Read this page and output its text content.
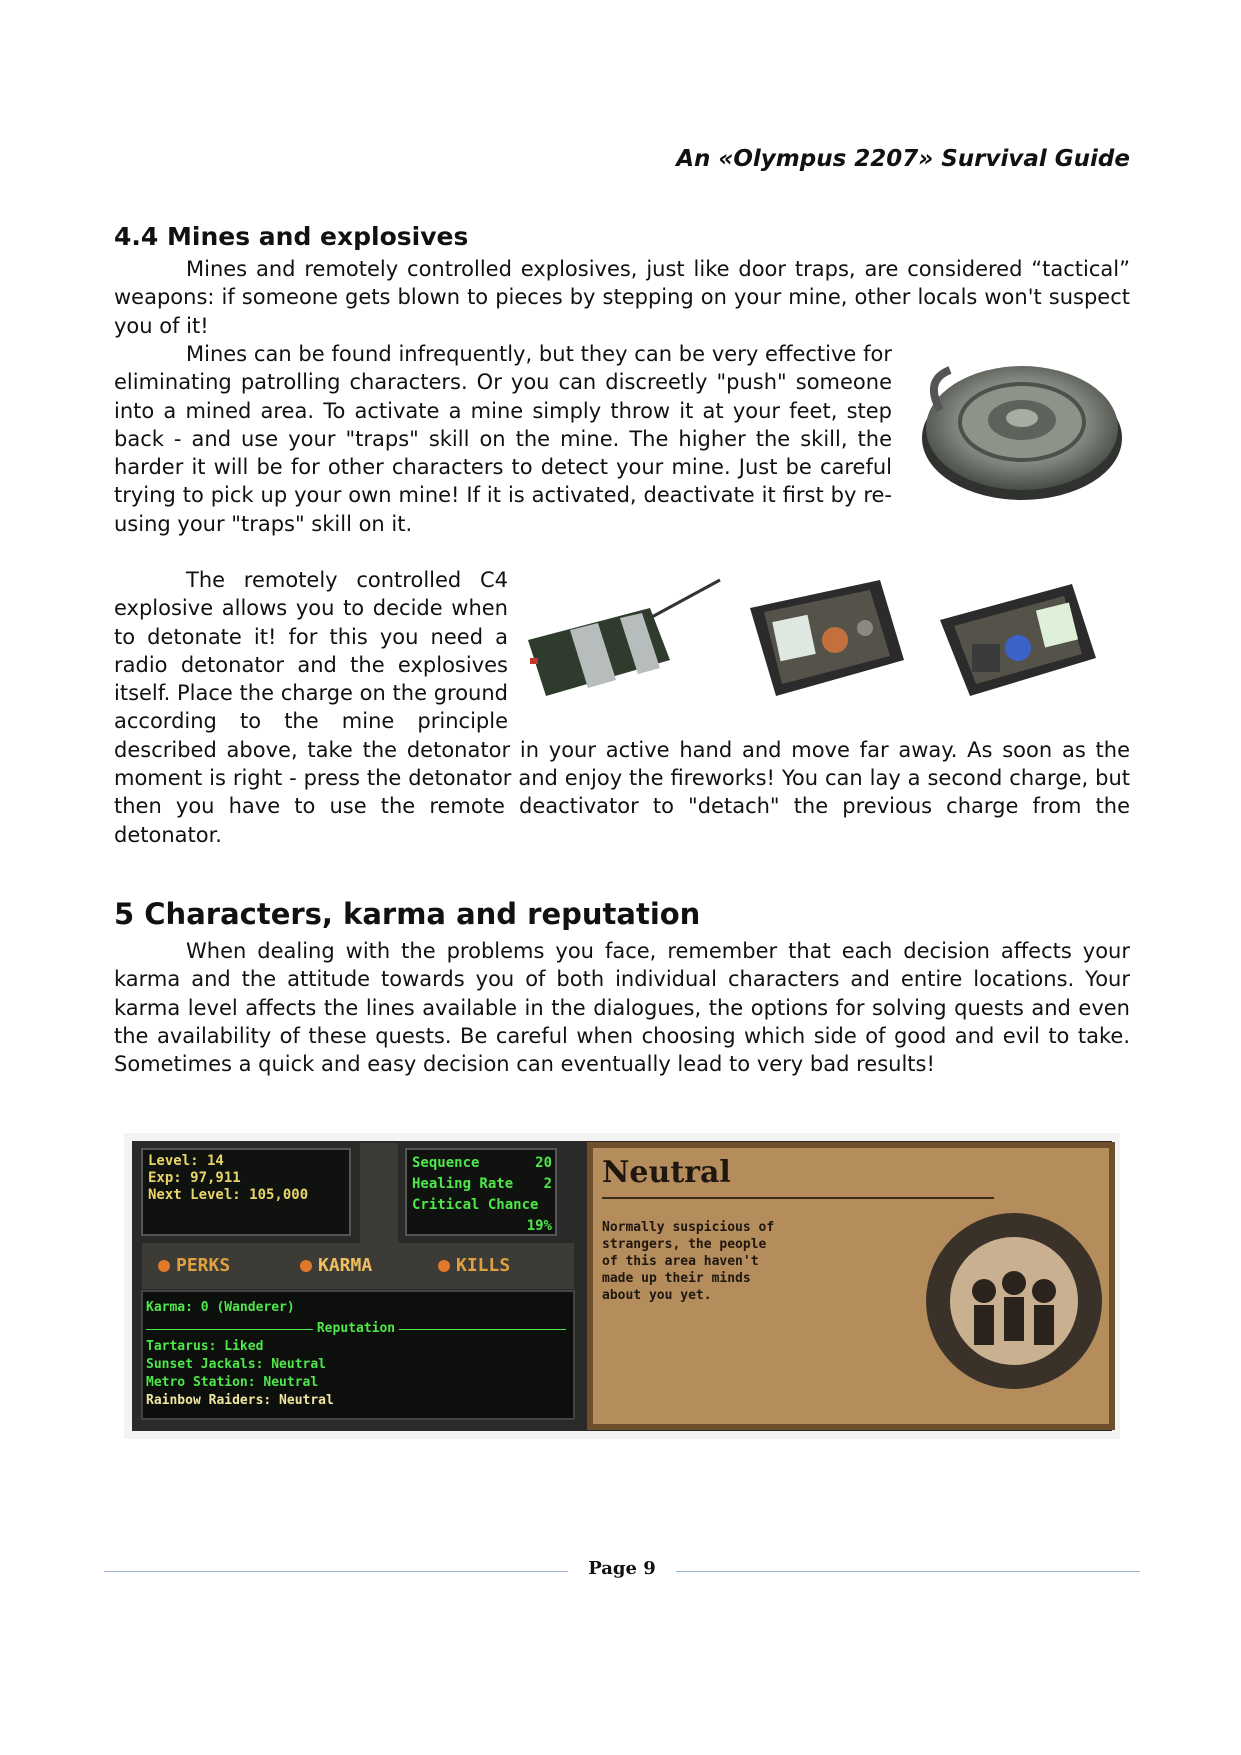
An «Olympus 2207» Survival Guide
4.4 Mines and explosives

Mines and remotely controlled explosives, just like door traps, are considered “tactical” weapons: if someone gets blown to pieces by stepping on your mine, other locals won't suspect you of it!

Mines can be found infrequently, but they can be very effective for eliminating patrolling characters. Or you can discreetly "push" someone into a mined area. To activate a mine simply throw it at your feet, step back - and use your "traps" skill on the mine. The higher the skill, the harder it will be for other characters to detect your mine. Just be careful trying to pick up your own mine! If it is activated, deactivate it first by re-using your "traps" skill on it.

The remotely controlled C4 explosive allows you to decide when to detonate it! for this you need a radio detonator and the explosives itself. Place the charge on the ground according to the mine principle described above, take the detonator in your active hand and move far away. As soon as the moment is right - press the detonator and enjoy the fireworks! You can lay a second charge, but then you have to use the remote deactivator to "detach" the previous charge from the detonator.

5 Characters, karma and reputation

When dealing with the problems you face, remember that each decision affects your karma and the attitude towards you of both individual characters and entire locations. Your karma level affects the lines available in the dialogues, the options for solving quests and even the availability of these quests. Be careful when choosing which side of good and evil to take. Sometimes a quick and easy decision can eventually lead to very bad results!

Level: 14
Exp: 97,911
Next Level: 105,000
Sequence	20
Healing Rate 2
Critical Chance
19%
PERKS	KARMA	KILLS
Karma: 0 (Wanderer)
Reputation
Tartarus: Liked
Sunset Jackals: Neutral
Metro Station: Neutral
Rainbow Raiders: Neutral
Neutral
Normally suspicious of
strangers, the people
of this area haven't
made up their minds
about you yet.
Page 9
